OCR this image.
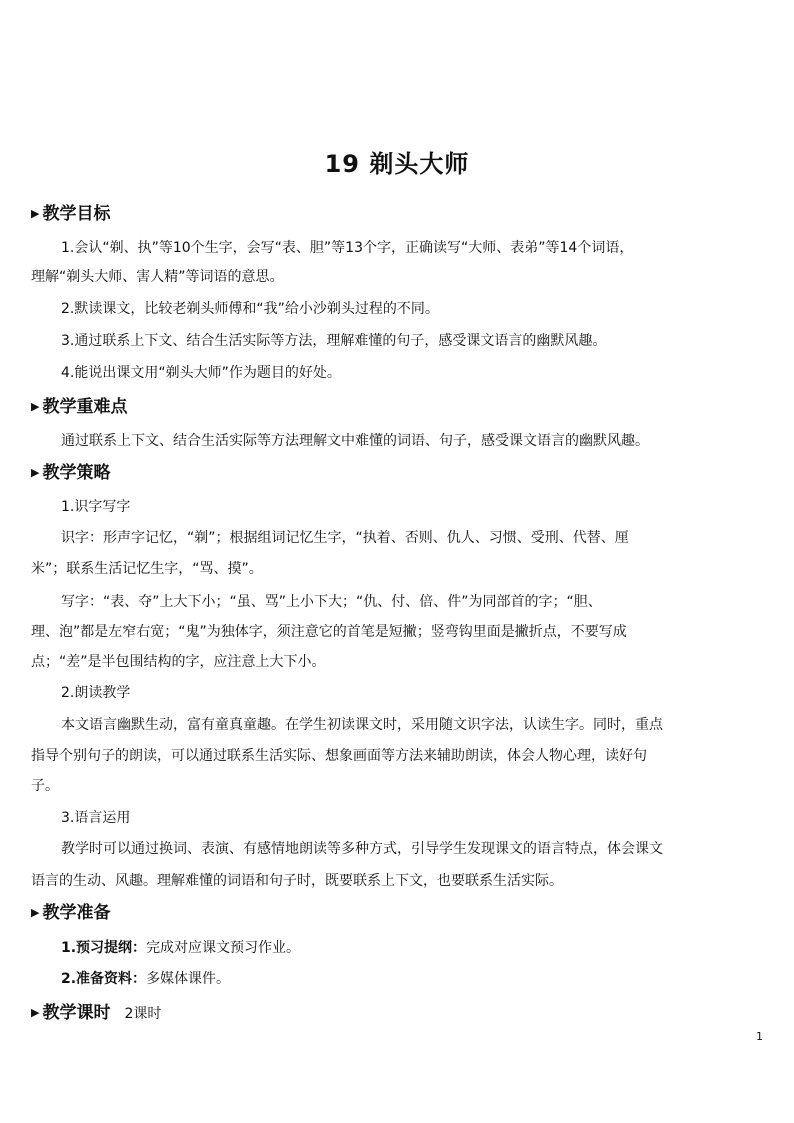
19 剃头大师
▶ 教学目标
1.会认“剃、执”等10个生字，会写“表、胆”等13个字，正确读写“大师、表弟”等14个词语，
理解“剃头大师、害人精”等词语的意思。
2.默读课文，比较老剃头师傅和“我”给小沙剃头过程的不同。
3.通过联系上下文、结合生活实际等方法，理解难懂的句子，感受课文语言的幽默风趣。
4.能说出课文用“剃头大师”作为题目的好处。
▶ 教学重难点
通过联系上下文、结合生活实际等方法理解文中难懂的词语、句子，感受课文语言的幽默风趣。
▶ 教学策略
1.识字写字
识字：形声字记忆，“剃”；根据组词记忆生字，“执着、否则、仇人、习惯、受刑、代替、厘
米”；联系生活记忆生字，“骂、摸”。
写字：“表、夺”上大下小；“虽、骂”上小下大；“仇、付、倍、件”为同部首的字；“胆、
理、泡”都是左窄右宽；“鬼”为独体字，须注意它的首笔是短撇；竖弯钩里面是撇折点，不要写成
点；“差”是半包围结构的字，应注意上大下小。
2.朗读教学
本文语言幽默生动，富有童真童趣。在学生初读课文时，采用随文识字法，认读生字。同时，重点
指导个别句子的朗读，可以通过联系生活实际、想象画面等方法来辅助朗读，体会人物心理，读好句
子。
3.语言运用
教学时可以通过换词、表演、有感情地朗读等多种方式，引导学生发现课文的语言特点，体会课文
语言的生动、风趣。理解难懂的词语和句子时，既要联系上下文，也要联系生活实际。
▶ 教学准备
1.预习提纲：完成对应课文预习作业。
2.准备资料：多媒体课件。
▶ 教学课时 2课时
1
